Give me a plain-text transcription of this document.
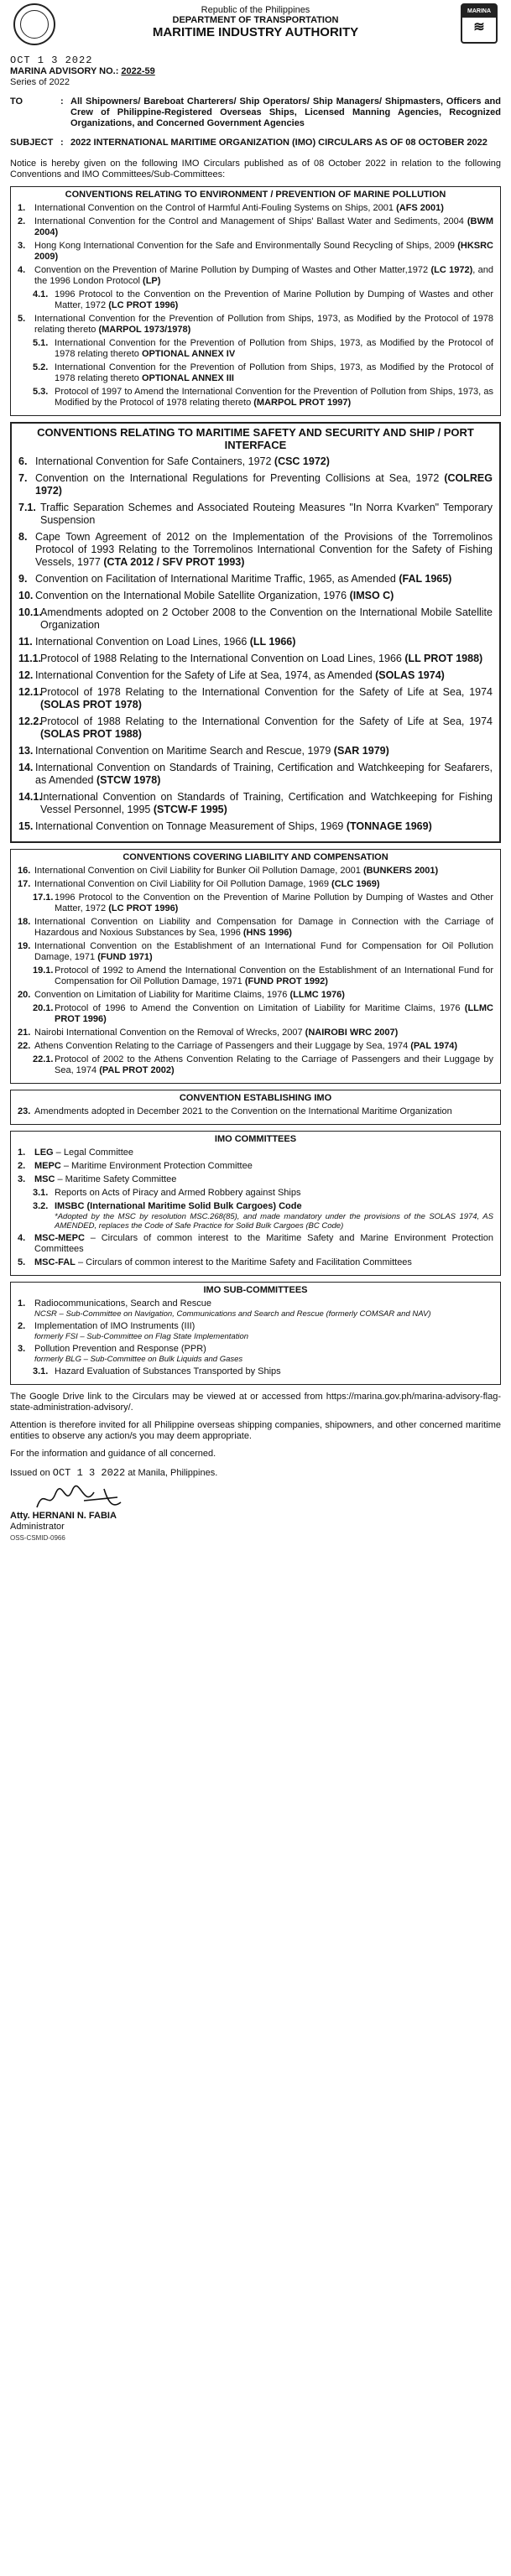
Republic of the Philippines
DEPARTMENT OF TRANSPORTATION
MARITIME INDUSTRY AUTHORITY
MARINA
≋
OCT 1 3 2022
MARINA ADVISORY NO.: 2022-59
Series of 2022
TO	: All Shipowners/ Bareboat Charterers/ Ship Operators/ Ship Managers/ Shipmasters, Officers and Crew of Philippine-Registered Overseas Ships, Licensed Manning Agencies, Recognized Organizations, and Concerned Government Agencies
SUBJECT : 2022 INTERNATIONAL MARITIME ORGANIZATION (IMO) CIRCULARS AS OF 08 OCTOBER 2022
Notice is hereby given on the following IMO Circulars published as of 08 October 2022 in relation to the following Conventions and IMO Committees/Sub-Committees:
CONVENTIONS RELATING TO ENVIRONMENT / PREVENTION OF MARINE POLLUTION
1. International Convention on the Control of Harmful Anti-Fouling Systems on Ships, 2001 (AFS 2001)
2. International Convention for the Control and Management of Ships' Ballast Water and Sediments, 2004 (BWM 2004)
3. Hong Kong International Convention for the Safe and Environmentally Sound Recycling of Ships, 2009 (HKSRC 2009)
4. Convention on the Prevention of Marine Pollution by Dumping of Wastes and Other Matter,1972 (LC 1972), and the 1996 London Protocol (LP)
4.1. 1996 Protocol to the Convention on the Prevention of Marine Pollution by Dumping of Wastes and other Matter, 1972 (LC PROT 1996)
5. International Convention for the Prevention of Pollution from Ships, 1973, as Modified by the Protocol of 1978 relating thereto (MARPOL 1973/1978)
5.1. International Convention for the Prevention of Pollution from Ships, 1973, as Modified by the Protocol of 1978 relating thereto OPTIONAL ANNEX IV
5.2. International Convention for the Prevention of Pollution from Ships, 1973, as Modified by the Protocol of 1978 relating thereto OPTIONAL ANNEX III
5.3. Protocol of 1997 to Amend the International Convention for the Prevention of Pollution from Ships, 1973, as Modified by the Protocol of 1978 relating thereto (MARPOL PROT 1997)
CONVENTIONS RELATING TO MARITIME SAFETY AND SECURITY AND SHIP / PORT INTERFACE
6. International Convention for Safe Containers, 1972 (CSC 1972)
7. Convention on the International Regulations for Preventing Collisions at Sea, 1972 (COLREG 1972)
7.1. Traffic Separation Schemes and Associated Routeing Measures "In Norra Kvarken" Temporary Suspension
8. Cape Town Agreement of 2012 on the Implementation of the Provisions of the Torremolinos Protocol of 1993 Relating to the Torremolinos International Convention for the Safety of Fishing Vessels, 1977 (CTA 2012 / SFV PROT 1993)
9. Convention on Facilitation of International Maritime Traffic, 1965, as Amended (FAL 1965)
10. Convention on the International Mobile Satellite Organization, 1976 (IMSO C)
10.1.
Amendments adopted on 2 October 2008 to the Convention on the International Mobile Satellite Organization
11. International Convention on Load Lines, 1966 (LL 1966)
11.1.
Protocol of 1988 Relating to the International Convention on Load Lines, 1966 (LL PROT 1988)
12. International Convention for the Safety of Life at Sea, 1974, as Amended (SOLAS 1974)
12.1.
Protocol of 1978 Relating to the International Convention for the Safety of Life at Sea, 1974 (SOLAS PROT 1978)
12.2.
Protocol of 1988 Relating to the International Convention for the Safety of Life at Sea, 1974 (SOLAS PROT 1988)
13. International Convention on Maritime Search and Rescue, 1979 (SAR 1979)
14. International Convention on Standards of Training, Certification and Watchkeeping for Seafarers, as Amended (STCW 1978)
14.1.
International Convention on Standards of Training, Certification and Watchkeeping for Fishing Vessel Personnel, 1995 (STCW-F 1995)
15. International Convention on Tonnage Measurement of Ships, 1969 (TONNAGE 1969)
CONVENTIONS COVERING LIABILITY AND COMPENSATION
16. International Convention on Civil Liability for Bunker Oil Pollution Damage, 2001 (BUNKERS 2001)
17. International Convention on Civil Liability for Oil Pollution Damage, 1969 (CLC 1969)
17.1. 1996 Protocol to the Convention on the Prevention of Marine Pollution by Dumping of Wastes and Other Matter, 1972 (LC PROT 1996)
18. International Convention on Liability and Compensation for Damage in Connection with the Carriage of Hazardous and Noxious Substances by Sea, 1996 (HNS 1996)
19. International Convention on the Establishment of an International Fund for Compensation for Oil Pollution Damage, 1971 (FUND 1971)
19.1. Protocol of 1992 to Amend the International Convention on the Establishment of an International Fund for Compensation for Oil Pollution Damage, 1971 (FUND PROT 1992)
20. Convention on Limitation of Liability for Maritime Claims, 1976 (LLMC 1976)
20.1. Protocol of 1996 to Amend the Convention on Limitation of Liability for Maritime Claims, 1976 (LLMC PROT 1996)
21. Nairobi International Convention on the Removal of Wrecks, 2007 (NAIROBI WRC 2007)
22. Athens Convention Relating to the Carriage of Passengers and their Luggage by Sea, 1974 (PAL 1974)
22.1. Protocol of 2002 to the Athens Convention Relating to the Carriage of Passengers and their Luggage by Sea, 1974 (PAL PROT 2002)
CONVENTION ESTABLISHING IMO
23. Amendments adopted in December 2021 to the Convention on the International Maritime Organization
IMO COMMITTEES
1. LEG – Legal Committee
2. MEPC – Maritime Environment Protection Committee
3. MSC – Maritime Safety Committee
3.1. Reports on Acts of Piracy and Armed Robbery against Ships
3.2. IMSBC (International Maritime Solid Bulk Cargoes) Code
*Adopted by the MSC by resolution MSC.268(85), and made mandatory under the provisions of the SOLAS 1974, AS AMENDED, replaces the Code of Safe Practice for Solid Bulk Cargoes (BC Code)
4. MSC-MEPC – Circulars of common interest to the Maritime Safety and Marine Environment Protection Committees
5. MSC-FAL – Circulars of common interest to the Maritime Safety and Facilitation Committees
IMO SUB-COMMITTEES
1. Radiocommunications, Search and Rescue
NCSR – Sub-Committee on Navigation, Communications and Search and Rescue (formerly COMSAR and NAV)
2. Implementation of IMO Instruments (III)
formerly FSI – Sub-Committee on Flag State Implementation
3. Pollution Prevention and Response (PPR)
formerly BLG – Sub-Committee on Bulk Liquids and Gases
3.1. Hazard Evaluation of Substances Transported by Ships

The Google Drive link to the Circulars may be viewed at or accessed from https://marina.gov.ph/marina-advisory-flag-state-administration-advisory/.

Attention is therefore invited for all Philippine overseas shipping companies, shipowners, and other concerned maritime entities to observe any action/s you may deem appropriate.

For the information and guidance of all concerned.

Issued on OCT 1 3 2022 at Manila, Philippines.
Atty. HERNANI N. FABIA
Administrator
OSS-CSMID-0966
